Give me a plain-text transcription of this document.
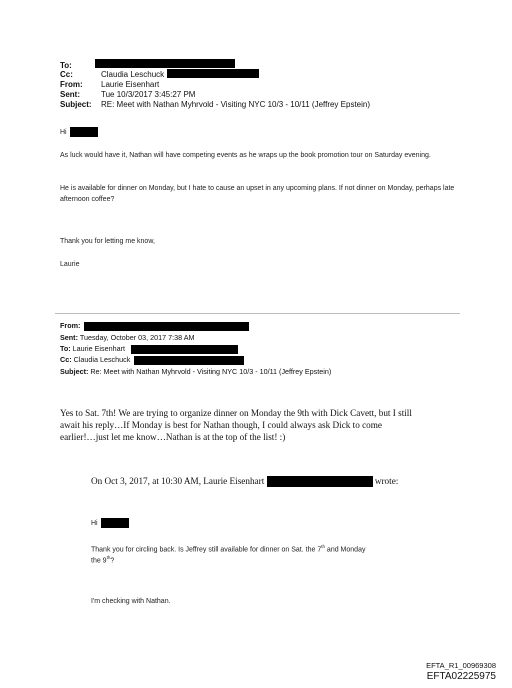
To:
Cc:	Claudia Leschuck
From: Laurie Eisenhart
Sent:	Tue 10/3/2017 3:45:27 PM
Subject: RE: Meet with Nathan Myhrvold - Visiting NYC 10/3 - 10/11 (Jeffrey Epstein)
Hi
As luck would have it, Nathan will have competing events as he wraps up the book promotion tour on Saturday evening.
He is available for dinner on Monday, but I hate to cause an upset in any upcoming plans. If not dinner on Monday, perhaps late afternoon coffee?
Thank you for letting me know,
Laurie
From:
Sent: Tuesday, October 03, 2017 7:38 AM
To: Laurie Eisenhart
Cc: Claudia Leschuck
Subject: Re: Meet with Nathan Myhrvold - Visiting NYC 10/3 - 10/11 (Jeffrey Epstein)
Yes to Sat. 7th! We are trying to organize dinner on Monday the 9th with Dick Cavett, but I still
await his reply…If Monday is best for Nathan though, I could always ask Dick to come
earlier!…just let me know…Nathan is at the top of the list! :)
On Oct 3, 2017, at 10:30 AM, Laurie Eisenhart	wrote:
Hi
Thank you for circling back. Is Jeffrey still available for dinner on Sat. the 7th and Monday
the 9th?
I'm checking with Nathan.
EFTA_R1_00969308
EFTA02225975
